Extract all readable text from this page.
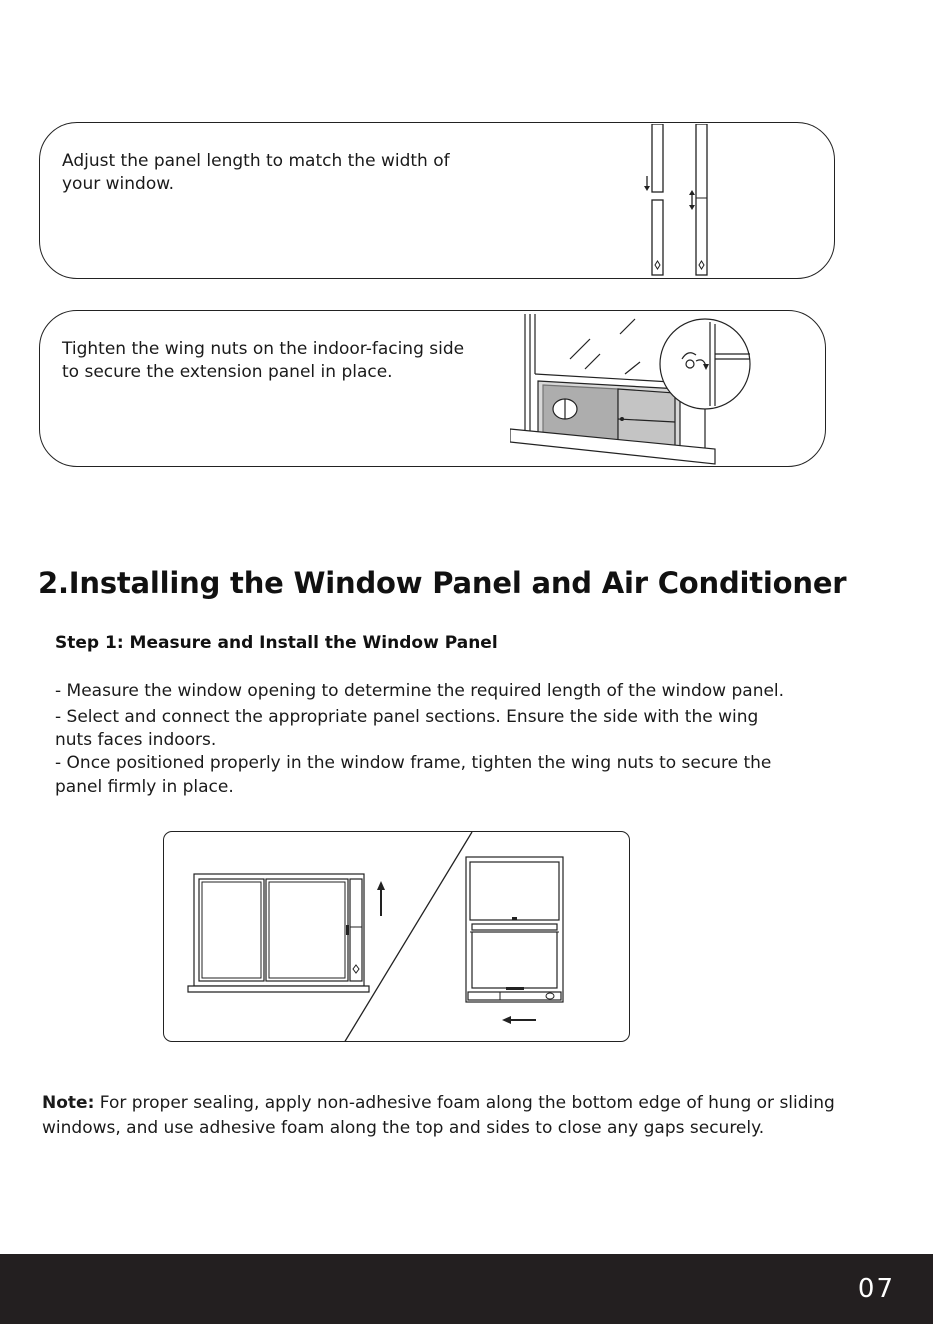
Adjust the panel length to match the width of
your window.
Tighten the wing nuts on the indoor-facing side
to secure the extension panel in place.
2.Installing the Window Panel and Air Conditioner
Step 1: Measure and Install the Window Panel
- Measure the window opening to determine the required length of the window panel.
- Select and connect the appropriate panel sections. Ensure the side with the wing
nuts faces indoors.
- Once positioned properly in the window frame, tighten the wing nuts to secure the
panel firmly in place.
Note: For proper sealing, apply non-adhesive foam along the bottom edge of hung or sliding windows, and use adhesive foam along the top and sides to close any gaps securely.
07
